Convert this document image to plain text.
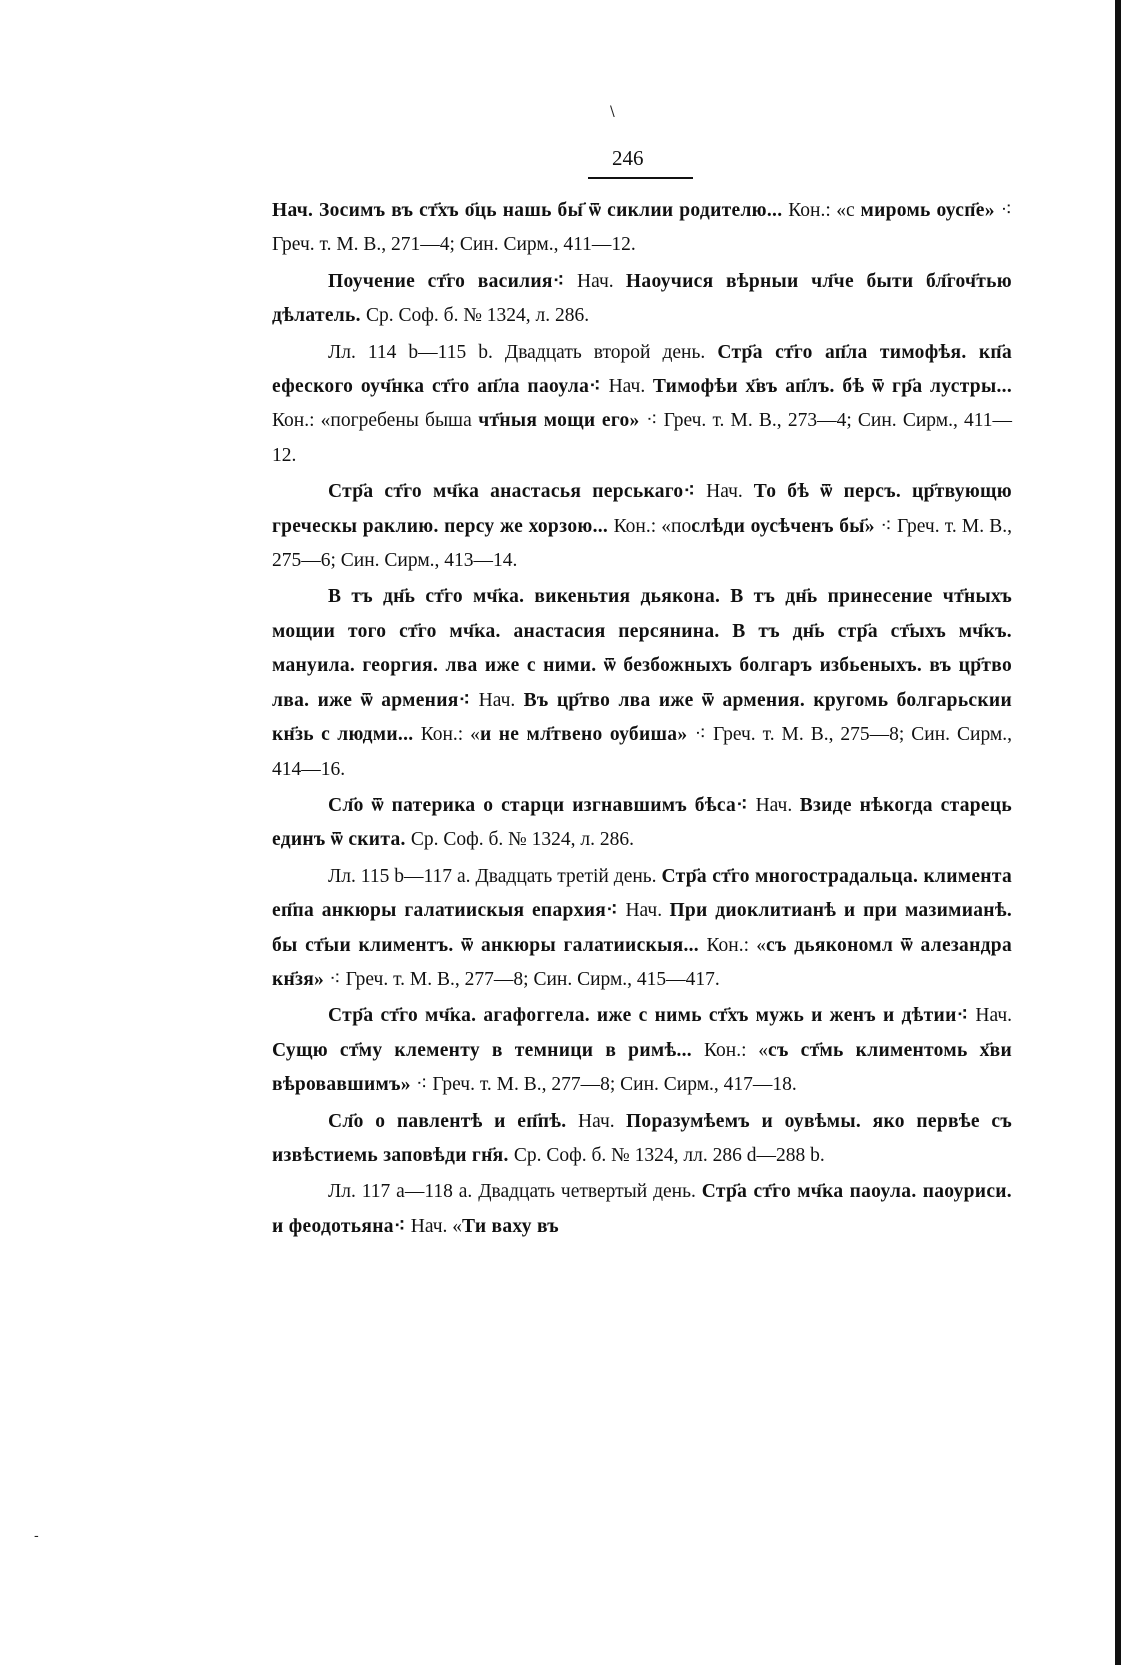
\
-
246

Нач. Зосимъ въ ст҃хъ о҃ць нашь бы҃ ѿ сиклии родителю... Кон.: «с миромь оусп҃е» ⁖ Греч. т. М. В., 271—4; Син. Сирм., 411—12.

Поучение ст҃го василия⁖ Нач. Наоучися вѣрныи чл҃че быти бл҃гоч҃тью дѣлатель. Ср. Соф. б. № 1324, л. 286.

Лл. 114 b—115 b. Двадцать второй день. Стр҃а ст҃го ап҃ла тимофѣя. кп҃а ефеского оуч҃нка ст҃го ап҃ла паоула⁖ Нач. Тимофѣи х҃въ ап҃лъ. бѣ ѿ гр҃а лустры... Кон.: «погребены быша чт҃ныя мощи его» ⁖ Греч. т. М. В., 273—4; Син. Сирм., 411—12.

Стр҃а ст҃го мч҃ка анастасья перськаго⁖ Нач. То бѣ ѿ персъ. цр҃твующю греческы раклию. персу же хорзою... Кон.: «послѣди оусѣченъ бы҃» ⁖ Греч. т. М. В., 275—6; Син. Сирм., 413—14.

В тъ дн҃ь ст҃го мч҃ка. викеньтия дьякона. В тъ дн҃ь принесение чт҃ныхъ мощии того ст҃го мч҃ка. анастасия персянина. В тъ дн҃ь стр҃а ст҃ыхъ мч҃къ. мануила. георгия. лва иже с ними. ѿ безбожныхъ болгаръ избьеныхъ. въ цр҃тво лва. иже ѿ армения⁖ Нач. Въ цр҃тво лва иже ѿ армения. кругомь болгарьскии кн҃зь с людми... Кон.: «и не мл҃твено оубиша» ⁖ Греч. т. М. В., 275—8; Син. Сирм., 414—16.

Сл҃о ѿ патерика о старци изгнавшимъ бѣса⁖ Нач. Взиде нѣкогда старець единъ ѿ скита. Ср. Соф. б. № 1324, л. 286.

Лл. 115 b—117 а. Двадцать третій день. Стр҃а ст҃го многострадальца. климента еп҃па анкюры галатиискыя епархия⁖ Нач. При диоклитианѣ и при мазимианѣ. бы ст҃ыи климентъ. ѿ анкюры галатиискыя... Кон.: «съ дьякономл ѿ алезандра кн҃зя» ⁖ Греч. т. М. В., 277—8; Син. Сирм., 415—417.

Стр҃а ст҃го мч҃ка. агафоггела. иже с нимь ст҃хъ мужь и женъ и дѣтии⁖ Нач. Сущю ст҃му клементу в темници в римѣ... Кон.: «съ ст҃мь климентомь х҃ви вѣровавшимъ» ⁖ Греч. т. М. В., 277—8; Син. Сирм., 417—18.

Сл҃о о павлентѣ и еп҃пѣ. Нач. Поразумѣемъ и оувѣмы. яко первѣе съ извѣстиемь заповѣди гн҃я. Ср. Соф. б. № 1324, лл. 286 d—288 b.

Лл. 117 а—118 а. Двадцать четвертый день. Стр҃а ст҃го мч҃ка паоула. паоуриси. и феодотьяна⁖ Нач. «Ти ваху въ
